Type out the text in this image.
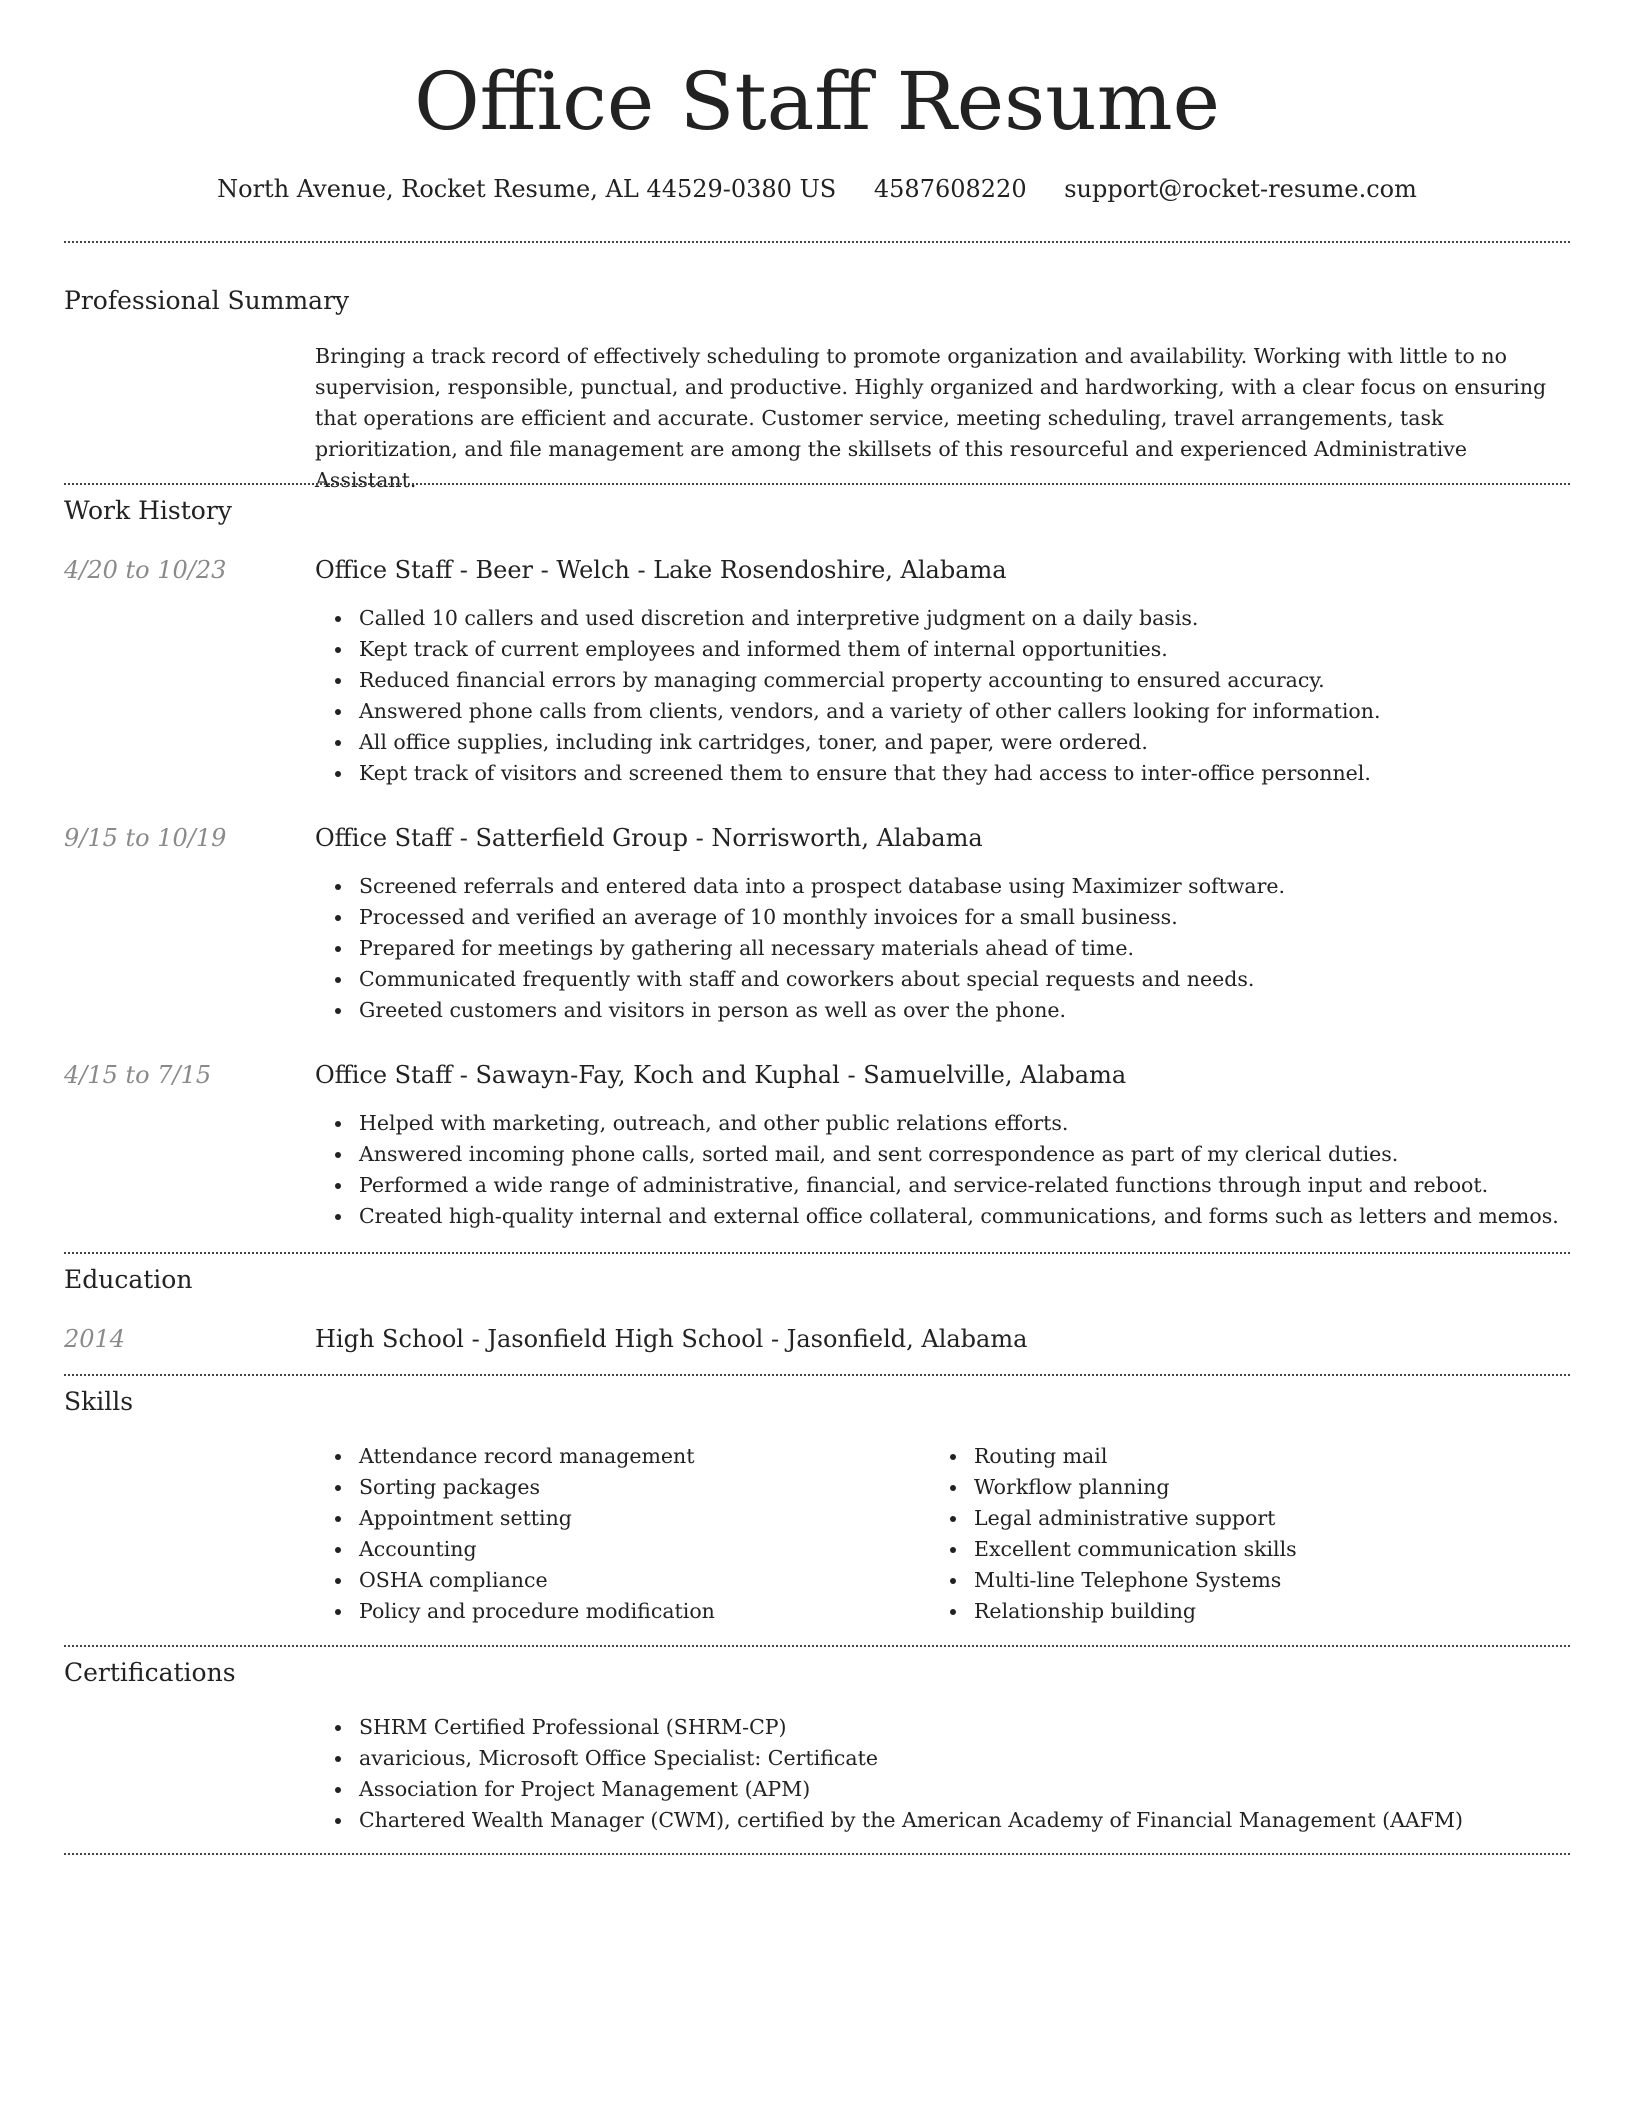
Office Staff Resume
North Avenue, Rocket Resume, AL 44529-0380 US 4587608220 support@rocket-resume.com
Professional Summary

Bringing a track record of effectively scheduling to promote organization and availability. Working with little to no supervision, responsible, punctual, and productive. Highly organized and hardworking, with a clear focus on ensuring that operations are efficient and accurate. Customer service, meeting scheduling, travel arrangements, task prioritization, and file management are among the skillsets of this resourceful and experienced Administrative Assistant.

Work History
4/20 to 10/23	Office Staff - Beer - Welch - Lake Rosendoshire, Alabama
Called 10 callers and used discretion and interpretive judgment on a daily basis.
Kept track of current employees and informed them of internal opportunities.
Reduced financial errors by managing commercial property accounting to ensured accuracy.
Answered phone calls from clients, vendors, and a variety of other callers looking for information.
All office supplies, including ink cartridges, toner, and paper, were ordered.
Kept track of visitors and screened them to ensure that they had access to inter-office personnel.
9/15 to 10/19	Office Staff - Satterfield Group - Norrisworth, Alabama
Screened referrals and entered data into a prospect database using Maximizer software.
Processed and verified an average of 10 monthly invoices for a small business.
Prepared for meetings by gathering all necessary materials ahead of time.
Communicated frequently with staff and coworkers about special requests and needs.
Greeted customers and visitors in person as well as over the phone.
4/15 to 7/15	Office Staff - Sawayn-Fay, Koch and Kuphal - Samuelville, Alabama
Helped with marketing, outreach, and other public relations efforts.
Answered incoming phone calls, sorted mail, and sent correspondence as part of my clerical duties.
Performed a wide range of administrative, financial, and service-related functions through input and reboot.
Created high-quality internal and external office collateral, communications, and forms such as letters and memos.
Education
2014	High School - Jasonfield High School - Jasonfield, Alabama
Skills
Attendance record management
Sorting packages
Appointment setting
Accounting
OSHA compliance
Policy and procedure modification
Routing mail
Workflow planning
Legal administrative support
Excellent communication skills
Multi-line Telephone Systems
Relationship building
Certifications
SHRM Certified Professional (SHRM-CP)
avaricious, Microsoft Office Specialist: Certificate
Association for Project Management (APM)
Chartered Wealth Manager (CWM), certified by the American Academy of Financial Management (AAFM)
